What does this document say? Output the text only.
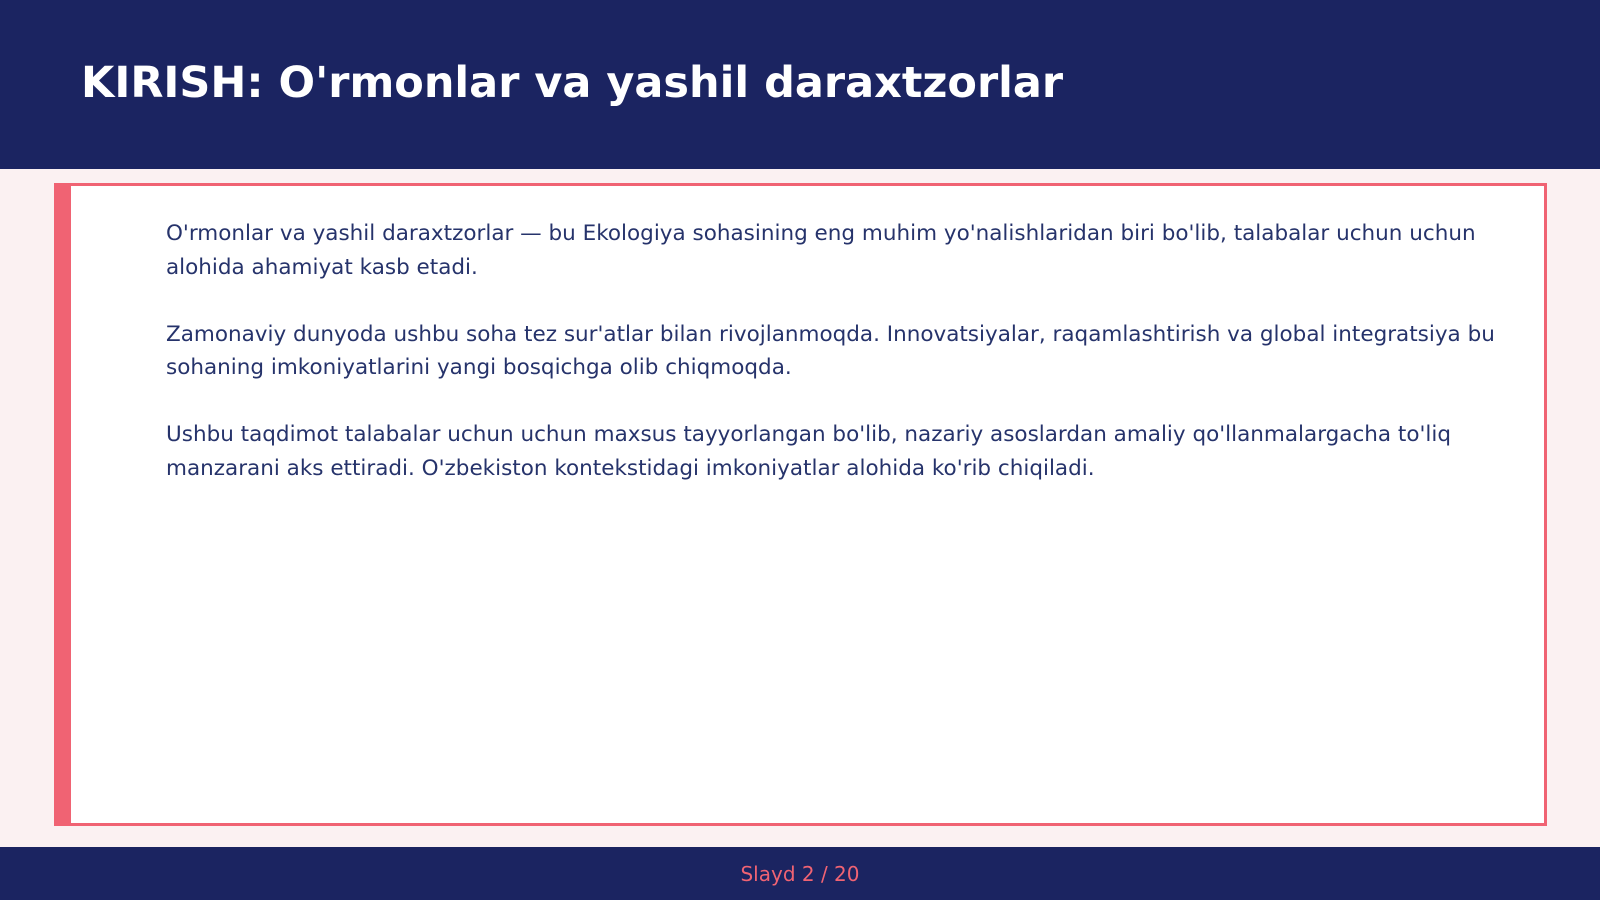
KIRISH: O'rmonlar va yashil daraxtzorlar

O'rmonlar va yashil daraxtzorlar — bu Ekologiya sohasining eng muhim yo'nalishlaridan biri bo'lib, talabalar uchun uchun alohida ahamiyat kasb etadi.

Zamonaviy dunyoda ushbu soha tez sur'atlar bilan rivojlanmoqda. Innovatsiyalar, raqamlashtirish va global integratsiya bu sohaning imkoniyatlarini yangi bosqichga olib chiqmoqda.

Ushbu taqdimot talabalar uchun uchun maxsus tayyorlangan bo'lib, nazariy asoslardan amaliy qo'llanmalargacha to'liq manzarani aks ettiradi. O'zbekiston kontekstidagi imkoniyatlar alohida ko'rib chiqiladi.

Slayd 2 / 20
